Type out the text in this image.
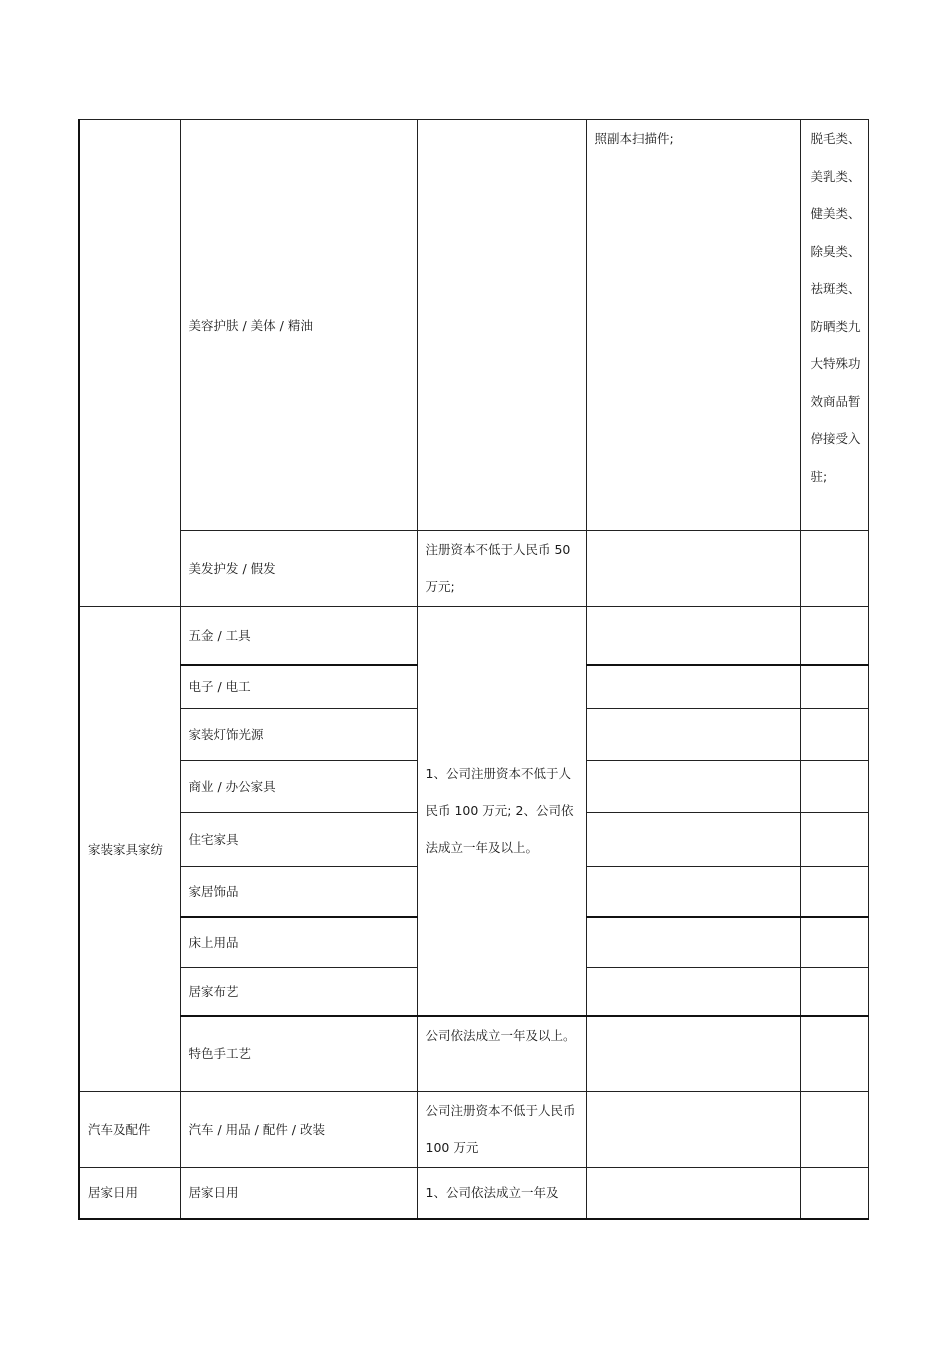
	美容护肤 / 美体 / 精油		照副本扫描件;	脱毛类、美乳类、健美类、除臭类、祛斑类、防晒类九大特殊功效商品暂停接受入驻;
	美发护发 / 假发	注册资本不低于人民币 50 万元;		
家装家具家纺	五金 / 工具	1、公司注册资本不低于人民币 100 万元; 2、公司依法成立一年及以上。		
	电子 / 电工			
	家装灯饰光源			
	商业 / 办公家具			
	住宅家具			
	家居饰品			
	床上用品			
	居家布艺			
	特色手工艺	公司依法成立一年及以上。		
汽车及配件	汽车 / 用品 / 配件 / 改装	公司注册资本不低于人民币 100 万元		
居家日用	居家日用	1、公司依法成立一年及		
